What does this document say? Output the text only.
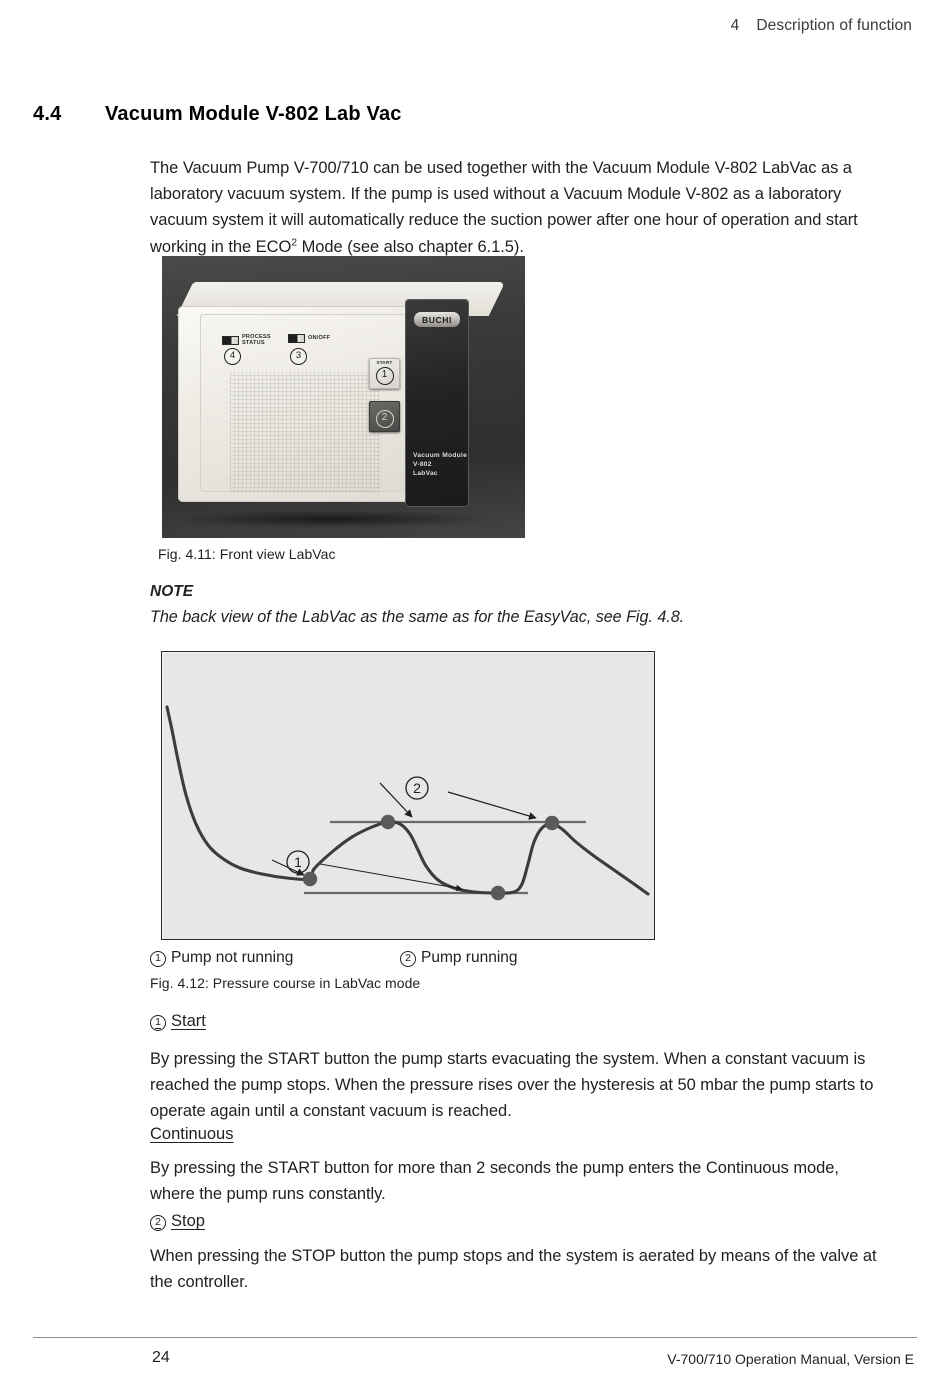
4 Description of function
4.4	Vacuum Module V-802 Lab Vac

The Vacuum Pump V-700/710 can be used together with the Vacuum Module V-802 LabVac as a
laboratory vacuum system. If the pump is used without a Vacuum Module V-802 as a laboratory
vacuum system it will automatically reduce the suction power after one hour of operation and start
working in the ECO$^2$ Mode (see also chapter 6.1.5).

PROCESS
STATUS
ON/OFF
4	3
START
1
2
BUCHI
Vacuum Module
V-802
LabVac
Fig. 4.11: Front view LabVac
NOTE
The back view of the LabVac as the same as for the EasyVac, see Fig. 4.8.
1
2
1 Pump not running	2 Pump running
Fig. 4.12: Pressure course in LabVac mode
1 Start

By pressing the START button the pump starts evacuating the system. When a constant vacuum is
reached the pump stops. When the pressure rises over the hysteresis at 50 mbar the pump starts to
operate again until a constant vacuum is reached.

Continuous

By pressing the START button for more than 2 seconds the pump enters the Continuous mode,
where the pump runs constantly.

2 Stop

When pressing the STOP button the pump stops and the system is aerated by means of the valve at
the controller.

24	V-700/710 Operation Manual, Version E
